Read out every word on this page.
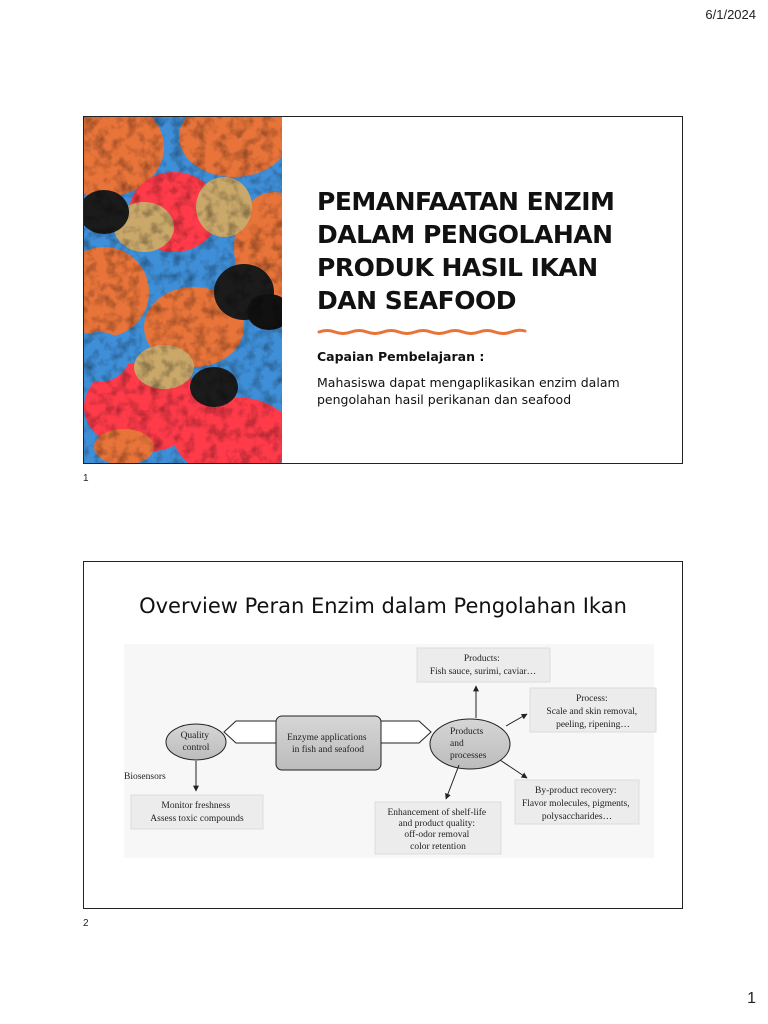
6/1/2024
PEMANFAATAN ENZIM
DALAM PENGOLAHAN
PRODUK HASIL IKAN
DAN SEAFOOD
Capaian Pembelajaran :
Mahasiswa dapat mengaplikasikan enzim dalam
pengolahan hasil perikanan dan seafood
1
Overview Peran Enzim dalam Pengolahan Ikan
Enzyme applications in fish and seafood
Quality control
Products and processes
Biosensors
Monitor freshness Assess toxic compounds
Products: Fish sauce, surimi, caviar…
Process: Scale and skin removal, peeling, ripening…
By-product recovery: Flavor molecules, pigments, polysaccharides…
Enhancement of shelf-life and product quality: off-odor removal color retention
2
1
